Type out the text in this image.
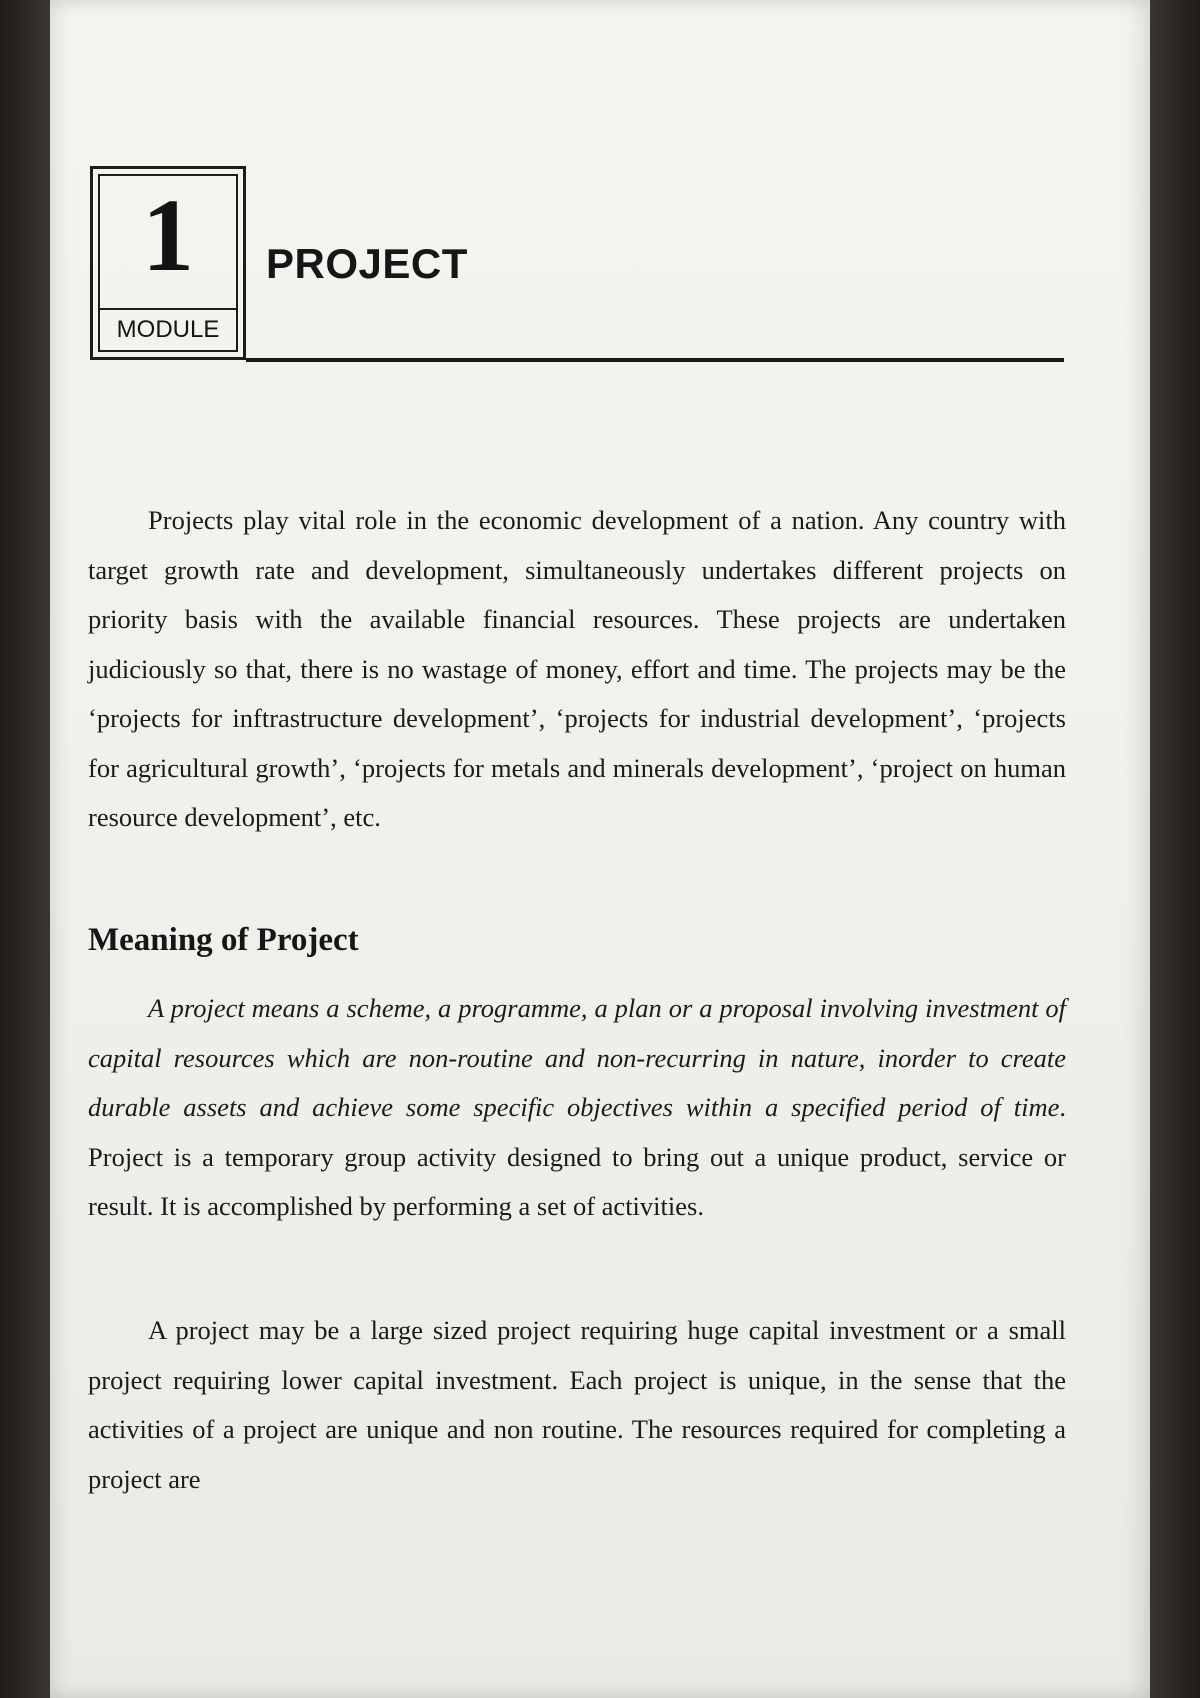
1
MODULE
PROJECT

Projects play vital role in the economic development of a nation. Any country with target growth rate and development, simultaneously undertakes different projects on priority basis with the available financial resources. These projects are undertaken judiciously so that, there is no wastage of money, effort and time. The projects may be the ‘projects for inftrastructure development’, ‘projects for industrial development’, ‘projects for agricultural growth’, ‘projects for metals and minerals development’, ‘project on human resource development’, etc.

Meaning of Project

A project means a scheme, a programme, a plan or a proposal involving investment of capital resources which are non-routine and non-recurring in nature, inorder to create durable assets and achieve some specific objectives within a specified period of time. Project is a temporary group activity designed to bring out a unique product, service or result. It is accomplished by performing a set of activities.

A project may be a large sized project requiring huge capital investment or a small project requiring lower capital investment. Each project is unique, in the sense that the activities of a project are unique and non routine. The resources required for completing a project are
